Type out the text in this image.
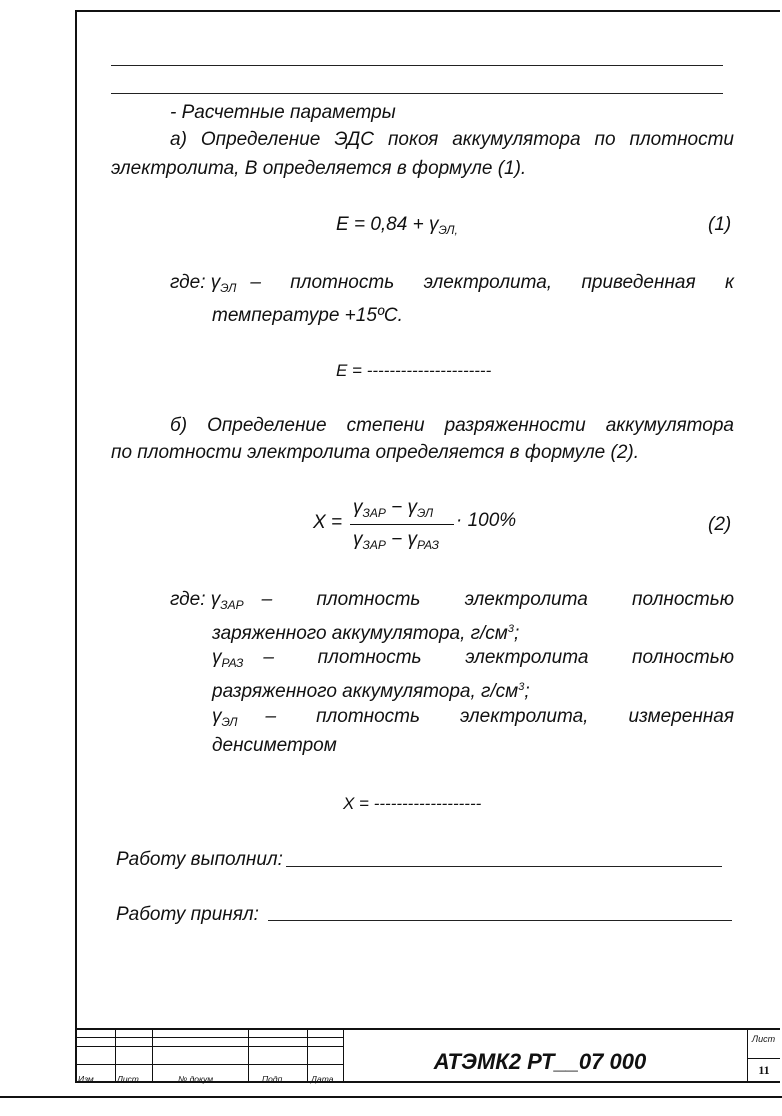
- Расчетные параметры
а) Определение ЭДС покоя аккумулятора по плотности
электролита, В определяется в формуле (1).
$E = 0,84 + \gamma_{ЭЛ,}$	(1)
где: $\gamma_{ЭЛ}$ – плотность электролита, приведенная к
температуре +15ºС.
E = ----------------------
б) Определение степени разряженности аккумулятора
по плотности электролита определяется в формуле (2).
X =
$\gamma_{ЗАР} - \gamma_{ЭЛ}$
$\gamma_{ЗАР} - \gamma_{РАЗ}$
· 100%	(2)
где: $\gamma_{ЗАР}$ – плотность электролита полностью
заряженного аккумулятора, $г/см^3$;
$\gamma_{РАЗ}$ – плотность электролита полностью
разряженного аккумулятора, $г/см^3$;
$\gamma_{ЭЛ}$ – плотность электролита, измеренная
денсиметром
X = -------------------
Работу выполнил:
Работу принял:
Изм. Лист	№ докум.	Подп.	Дата
АТЭМК2 РТ__07 000
Лист
11
